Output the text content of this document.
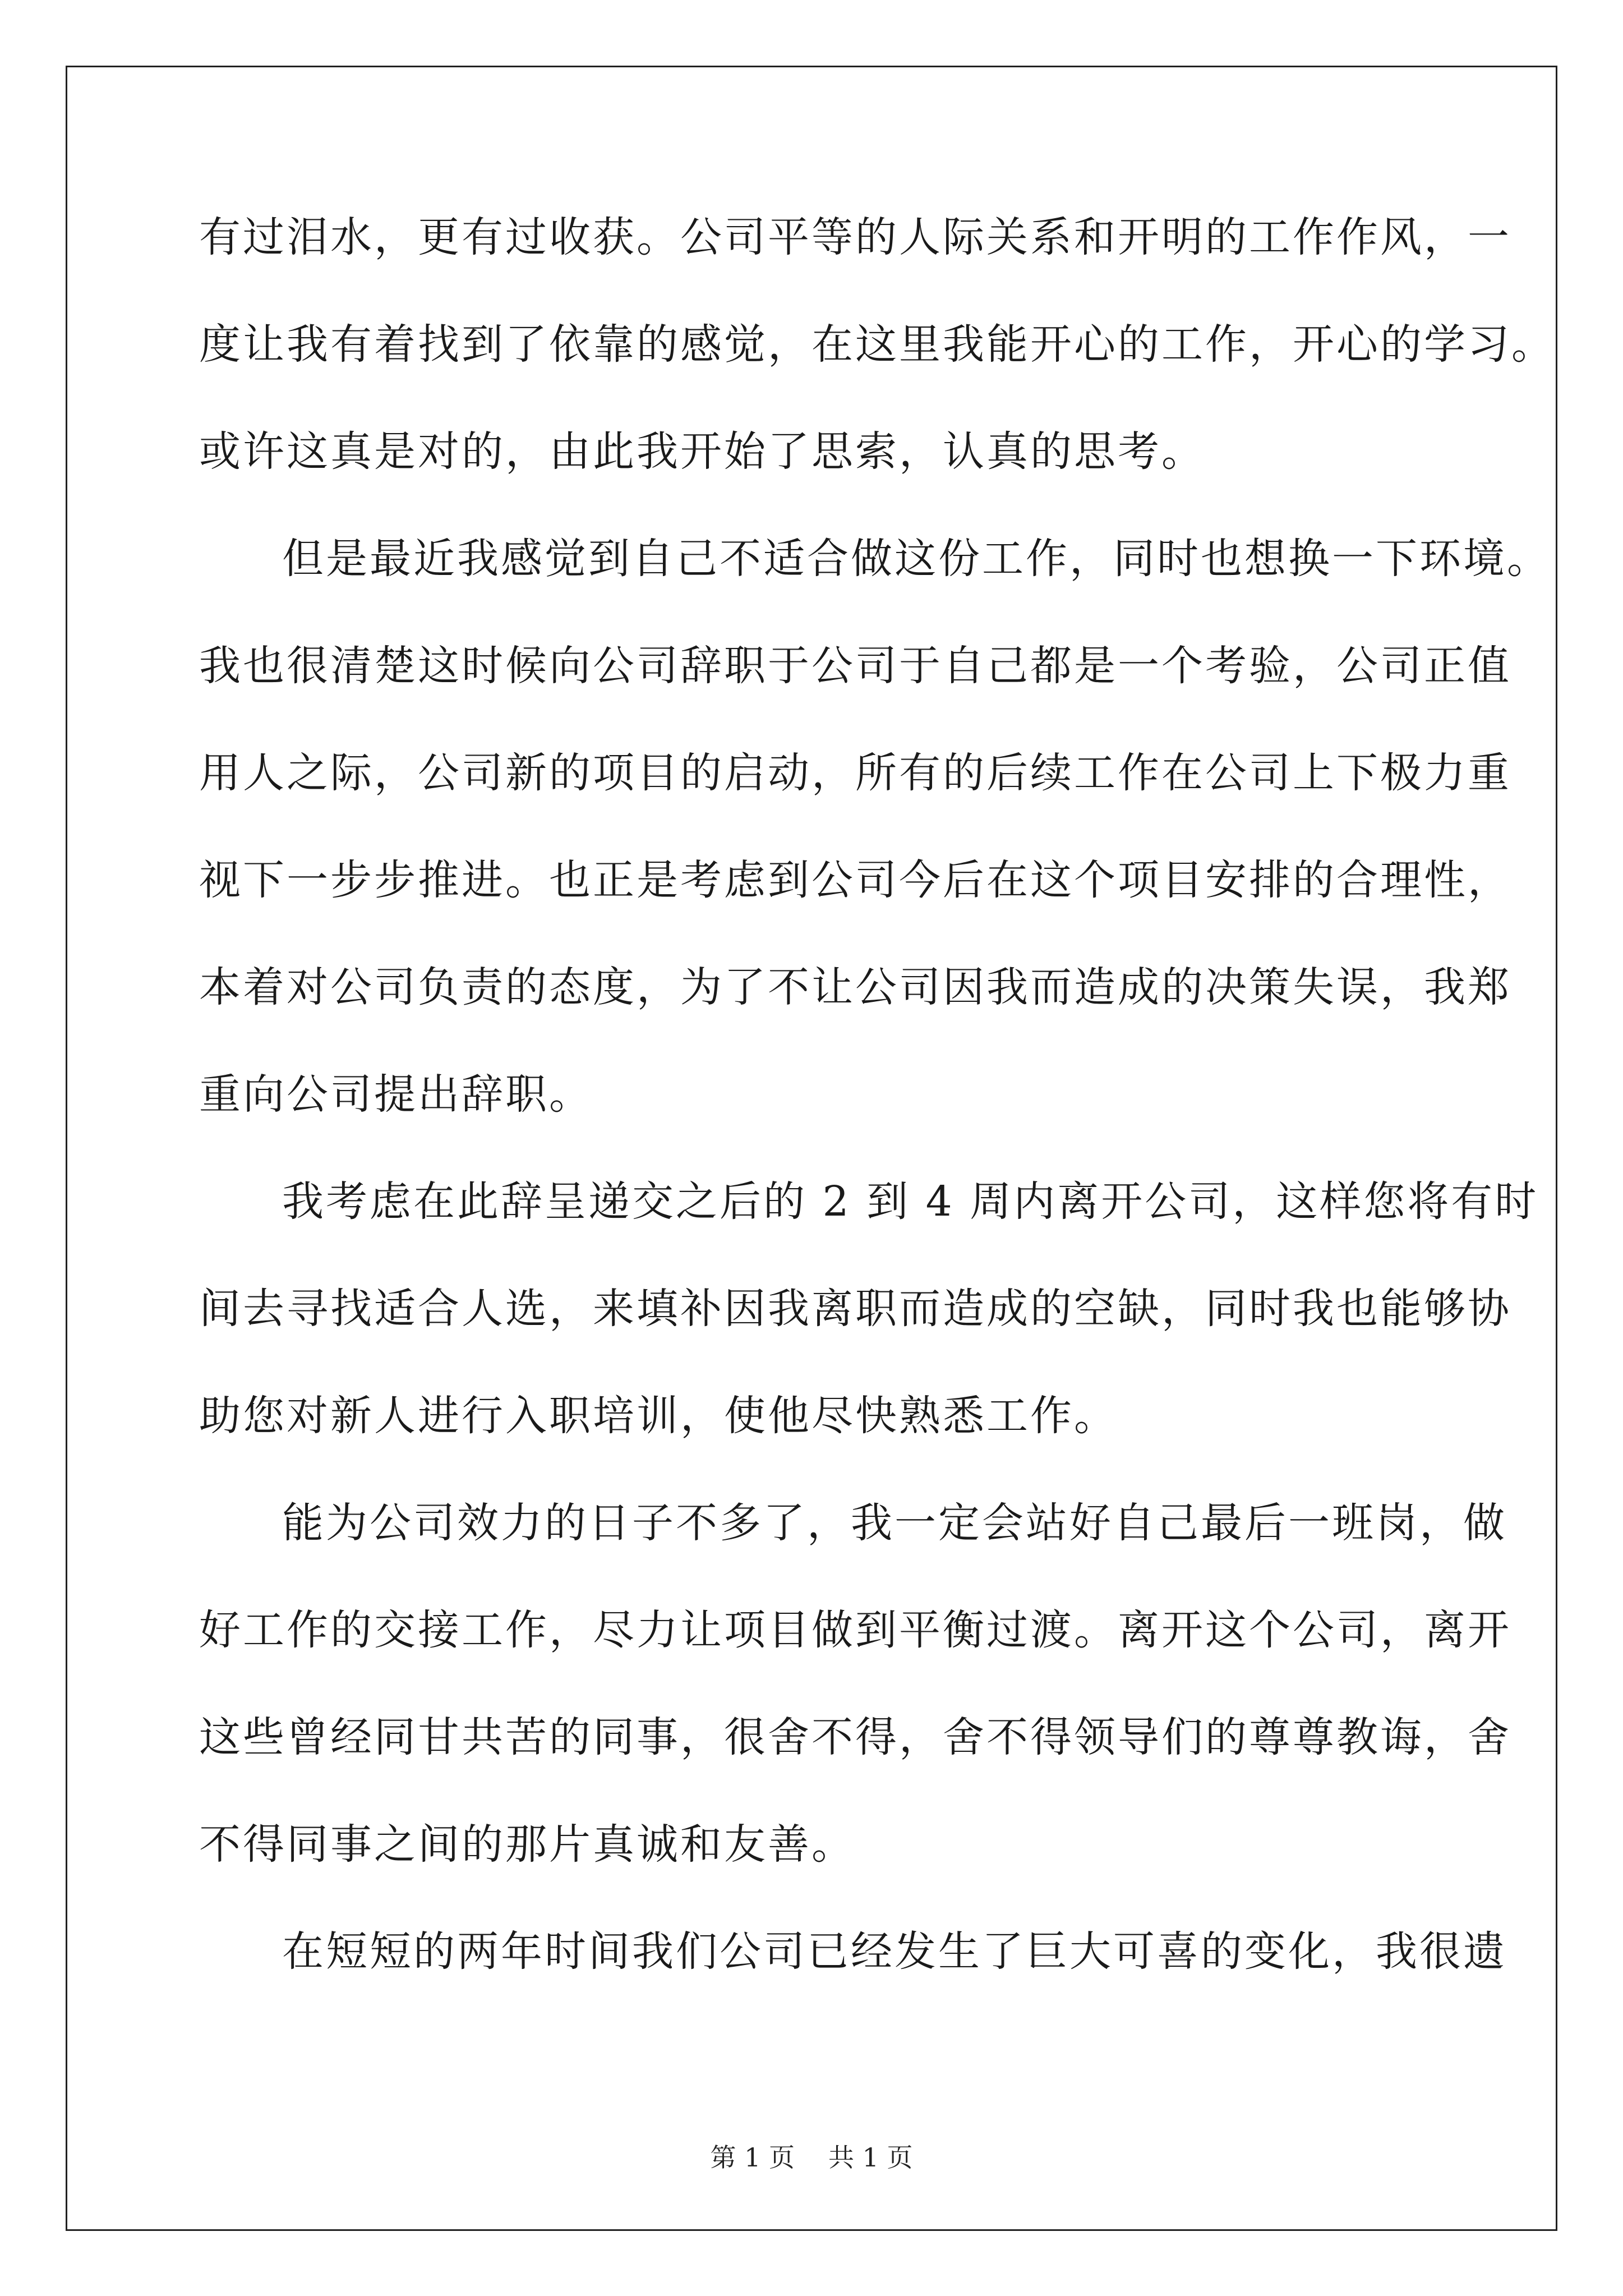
有过泪水，更有过收获。公司平等的人际关系和开明的工作作风，一
度让我有着找到了依靠的感觉，在这里我能开心的工作，开心的学习。
或许这真是对的，由此我开始了思索，认真的思考。
但是最近我感觉到自己不适合做这份工作，同时也想换一下环境。
我也很清楚这时候向公司辞职于公司于自己都是一个考验，公司正值
用人之际，公司新的项目的启动，所有的后续工作在公司上下极力重
视下一步步推进。也正是考虑到公司今后在这个项目安排的合理性，
本着对公司负责的态度，为了不让公司因我而造成的决策失误，我郑
重向公司提出辞职。
我考虑在此辞呈递交之后的 2 到 4 周内离开公司，这样您将有时
间去寻找适合人选，来填补因我离职而造成的空缺，同时我也能够协
助您对新人进行入职培训，使他尽快熟悉工作。
能为公司效力的日子不多了，我一定会站好自己最后一班岗，做
好工作的交接工作，尽力让项目做到平衡过渡。离开这个公司，离开
这些曾经同甘共苦的同事，很舍不得，舍不得领导们的尊尊教诲，舍
不得同事之间的那片真诚和友善。
在短短的两年时间我们公司已经发生了巨大可喜的变化，我很遗
第 1 页 共 1 页
